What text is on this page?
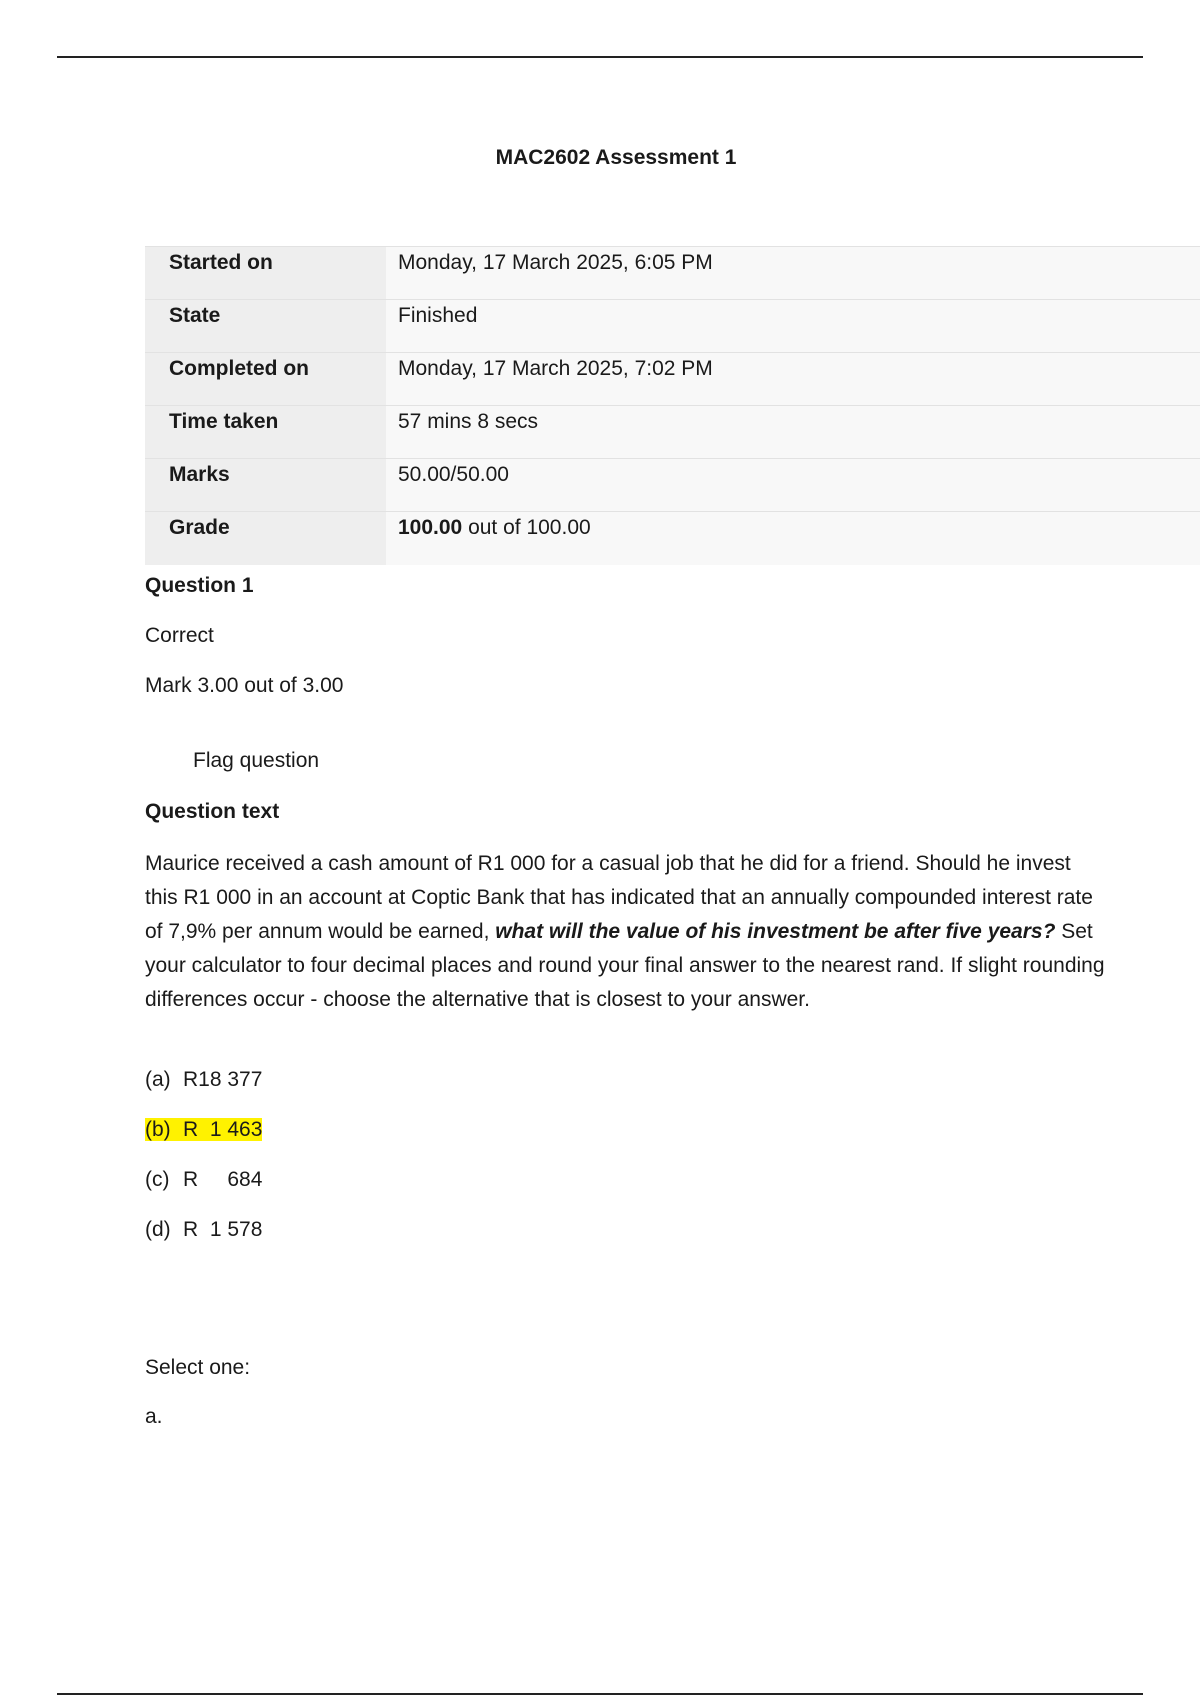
MAC2602 Assessment 1
Started on	Monday, 17 March 2025, 6:05 PM
State	Finished
Completed on	Monday, 17 March 2025, 7:02 PM
Time taken	57 mins 8 secs
Marks	50.00/50.00
Grade	100.00 out of 100.00
Question 1
Correct
Mark 3.00 out of 3.00
Flag question
Question text
Maurice received a cash amount of R1 000 for a casual job that he did for a friend. Should he invest this R1 000 in an account at Coptic Bank that has indicated that an annually compounded interest rate of 7,9% per annum would be earned, what will the value of his investment be after five years? Set your calculator to four decimal places and round your final answer to the nearest rand. If slight rounding differences occur - choose the alternative that is closest to your answer.
(a) R18 377
(b) R  1 463
(c) R     684
(d) R  1 578
Select one:
a.
